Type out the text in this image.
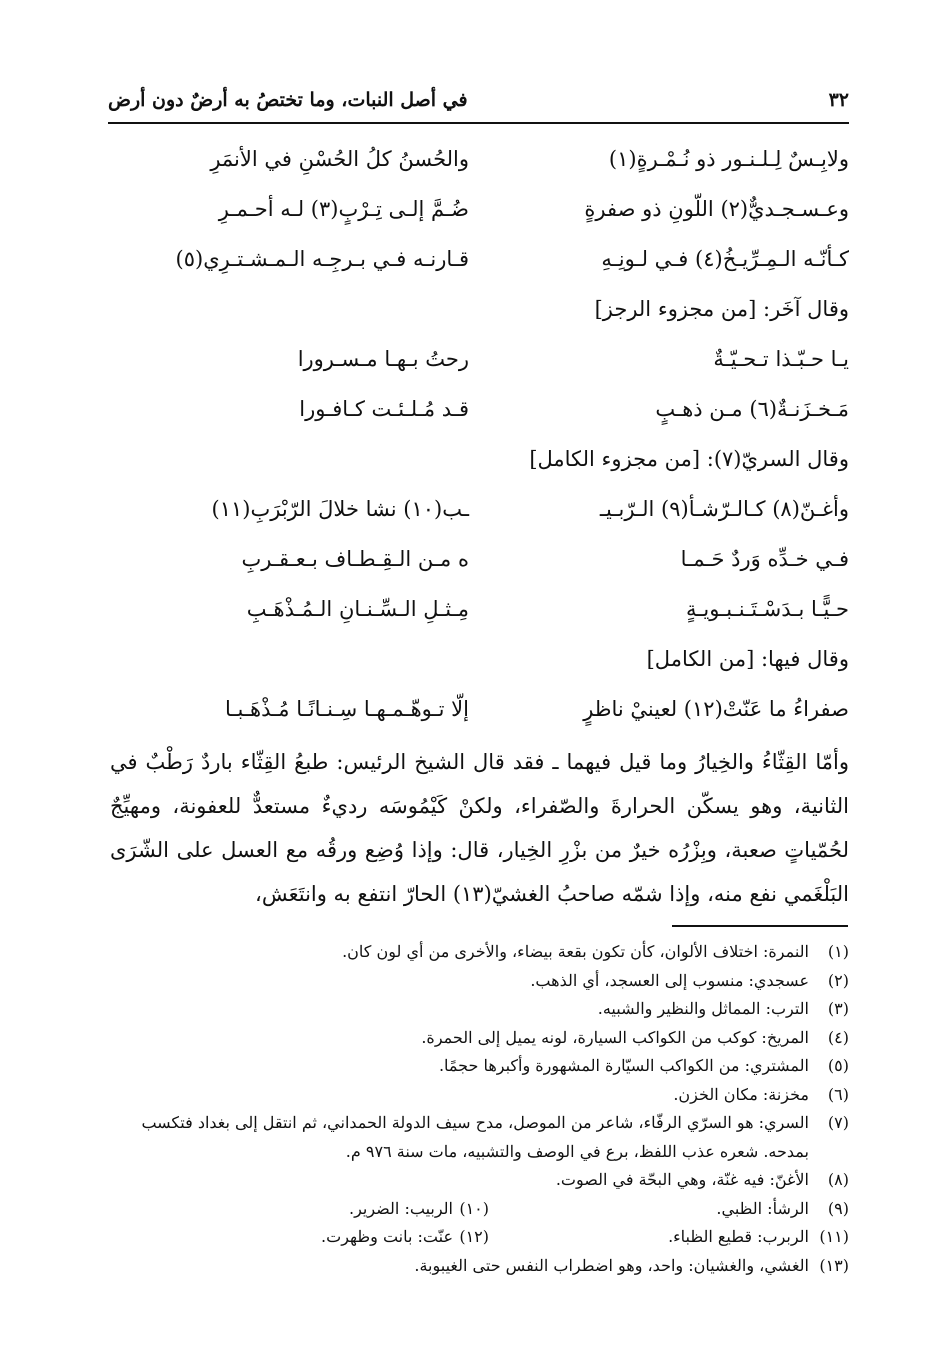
٣٢
في أصل النبات، وما تختصُ به أرضٌ دون أرض
ولابِـسٌ لِـلـنـور ذو نُـمْـرةٍ(١)
والحُسنُ كلُ الحُسْنِ في الأنمَرِ
وعـسـجـديٌّ(٢) اللّونِ ذو صفرةٍ
ضُـمَّ إلـى تِـرْبٍ(٣) لـه أحـمـرِ
كـأنّـه الـمِـرِّيـخُ(٤) فـي لـونِـهِ
قـارنـه فـي بـرجِـه الـمـشـتـرِي(٥)
وقال آخَر: [من مجزوء الرجز]
يـا حـبّـذا تـحـيّـةٌ
رحتُ بـهـا مـسـرورا
مَـخـزَنـةٌ(٦) مـن ذهـبٍ
قـد مُـلـئـت كـافـورا
وقال السريّ(٧): [من مجزوء الكامل]
وأغـنّ(٨) كـالـرّشـأ(٩) الـرّبـيـ
ـب(١٠) نشا خلالَ الرّبْرَبِ(١١)
فـي خـدِّه وَردٌ حَـمـا
ه مـن الـقِـطـاف بـعـقـربِ
حـيًّـا بـدَسْـتَـنـبـويـةٍ
مِـثـلِ الـسِّـنـانِ الـمُـذْهَـبِ
وقال فيها: [من الكامل]
صفراءُ ما عَنّتْ(١٢) لعينيْ ناظرٍ
إلّا تـوهّـمـهـا سِـنـانًـا مُـذْهَـبـا
وأمّا القِثّاءُ والخِيارُ وما قيل فيهما ـ فقد قال الشيخ الرئيس: طبعُ القِثّاء باردٌ رَطْبٌ في الثانية، وهو يسكّن الحرارةَ والصّفراء، ولكنْ كَيْمُوسَه رديءٌ مستعدٌّ للعفونة، ومهيِّجٌ لحُمّياتٍ صعبة، وبِزْرُه خيرٌ من بزْرِ الخِيار، قال: وإذا وُضِع ورقُه مع العسل على الشّرَى البَلْغَمي نفع منه، وإذا شمّه صاحبُ الغشيّ(١٣) الحارّ انتفع به وانتَعَش،
(١)
النمرة: اختلاف الألوان، كأن تكون بقعة بيضاء، والأخرى من أي لون كان.
(٢)
عسجدي: منسوب إلى العسجد، أي الذهب.
(٣)
الترب: المماثل والنظير والشبيه.
(٤)
المريخ: كوكب من الكواكب السيارة، لونه يميل إلى الحمرة.
(٥)
المشتري: من الكواكب السيّارة المشهورة وأكبرها حجمًا.
(٦)
مخزنة: مكان الخزن.
(٧)
السري: هو السرّي الرفّاء، شاعر من الموصل، مدح سيف الدولة الحمداني، ثم انتقل إلى بغداد فتكسب بمدحه. شعره عذب اللفظ، برع في الوصف والتشبيه، مات سنة ٩٧٦ م.
(٨)
الأغنّ: فيه غنّة، وهي البحّة في الصوت.
(٩)
الرشأ: الظبي.
(١٠)
الربيب: الضرير.
(١١)
الربرب: قطيع الظباء.
(١٢)
عنّت: بانت وظهرت.
(١٣)
الغشي، والغشيان: واحد، وهو اضطراب النفس حتى الغيبوبة.
